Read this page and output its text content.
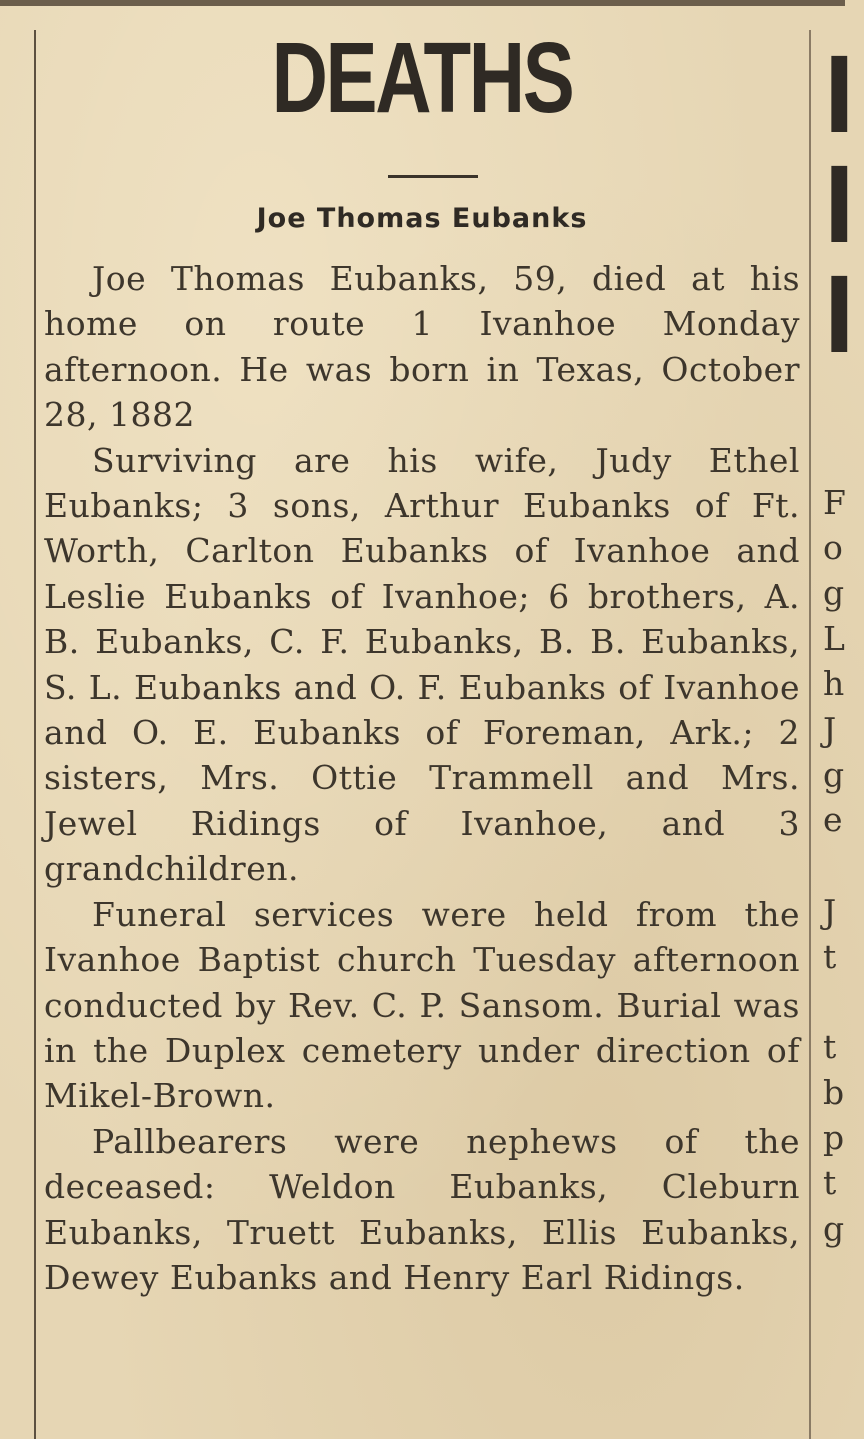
DEATHS
Joe Thomas Eubanks

Joe Thomas Eubanks, 59, died at his home on route 1 Ivanhoe Monday afternoon. He was born in Texas, October 28, 1882

Surviving are his wife, Judy Ethel Eubanks; 3 sons, Arthur Eubanks of Ft. Worth, Carlton Eubanks of Ivanhoe and Leslie Eubanks of Ivanhoe; 6 brothers, A. B. Eubanks, C. F. Eubanks, B. B. Eubanks, S. L. Eubanks and O. F. Eubanks of Ivanhoe and O. E. Eubanks of Foreman, Ark.; 2 sisters, Mrs. Ottie Trammell and Mrs. Jewel Ridings of Ivanhoe, and 3 grandchildren.

Funeral services were held from the Ivanhoe Baptist church Tuesday afternoon conducted by Rev. C. P. Sansom. Burial was in the Duplex cemetery under direction of Mikel-Brown.

Pallbearers were nephews of the deceased: Weldon Eubanks, Cleburn Eubanks, Truett Eubanks, Ellis Eubanks, Dewey Eubanks and Henry Earl Ridings.

I
I
I
F
o
g
L
h
J
g
e
J
t
t
b
p
t
g
